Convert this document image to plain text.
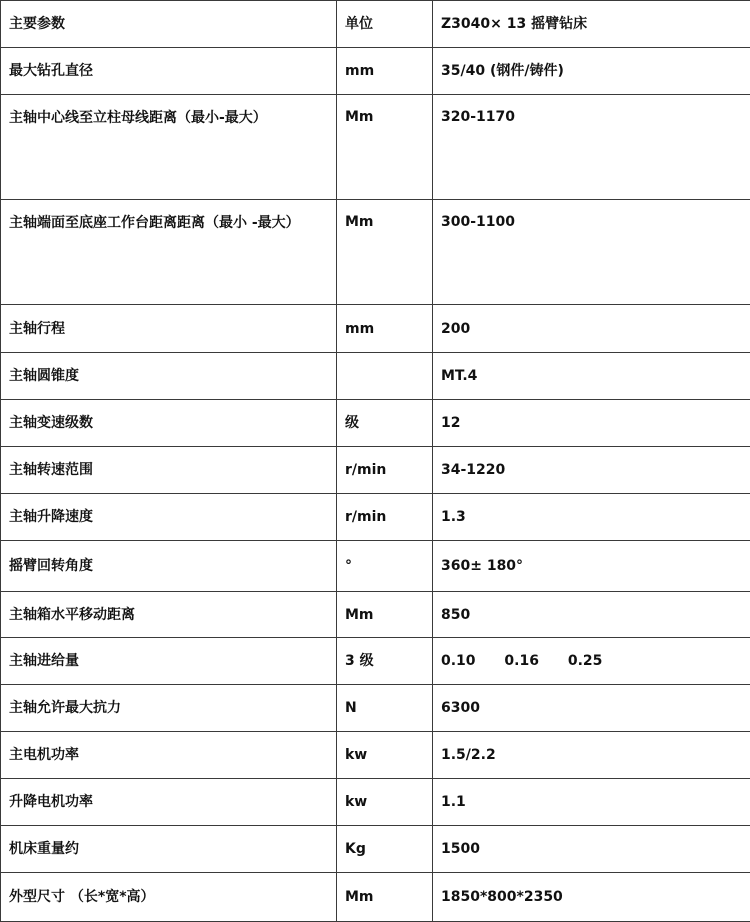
主要参数	单位	Z3040× 13 摇臂钻床
最大钻孔直径	mm	35/40 (钢件/铸件)
主轴中心线至立柱母线距离（最小-最大）	Mm	320-1170
主轴端面至底座工作台距离距离（最小 -最大）	Mm	300-1100
主轴行程	mm	200
主轴圆锥度		MT.4
主轴变速级数	级	12
主轴转速范围	r/min	34-1220
主轴升降速度	r/min	1.3
摇臂回转角度	°	360± 180°
主轴箱水平移动距离	Mm	850
主轴进给量	3 级	0.10 0.16 0.25
主轴允许最大抗力	N	6300
主电机功率	kw	1.5/2.2
升降电机功率	kw	1.1
机床重量约	Kg	1500
外型尺寸 （长*宽*高）	Mm	1850*800*2350
